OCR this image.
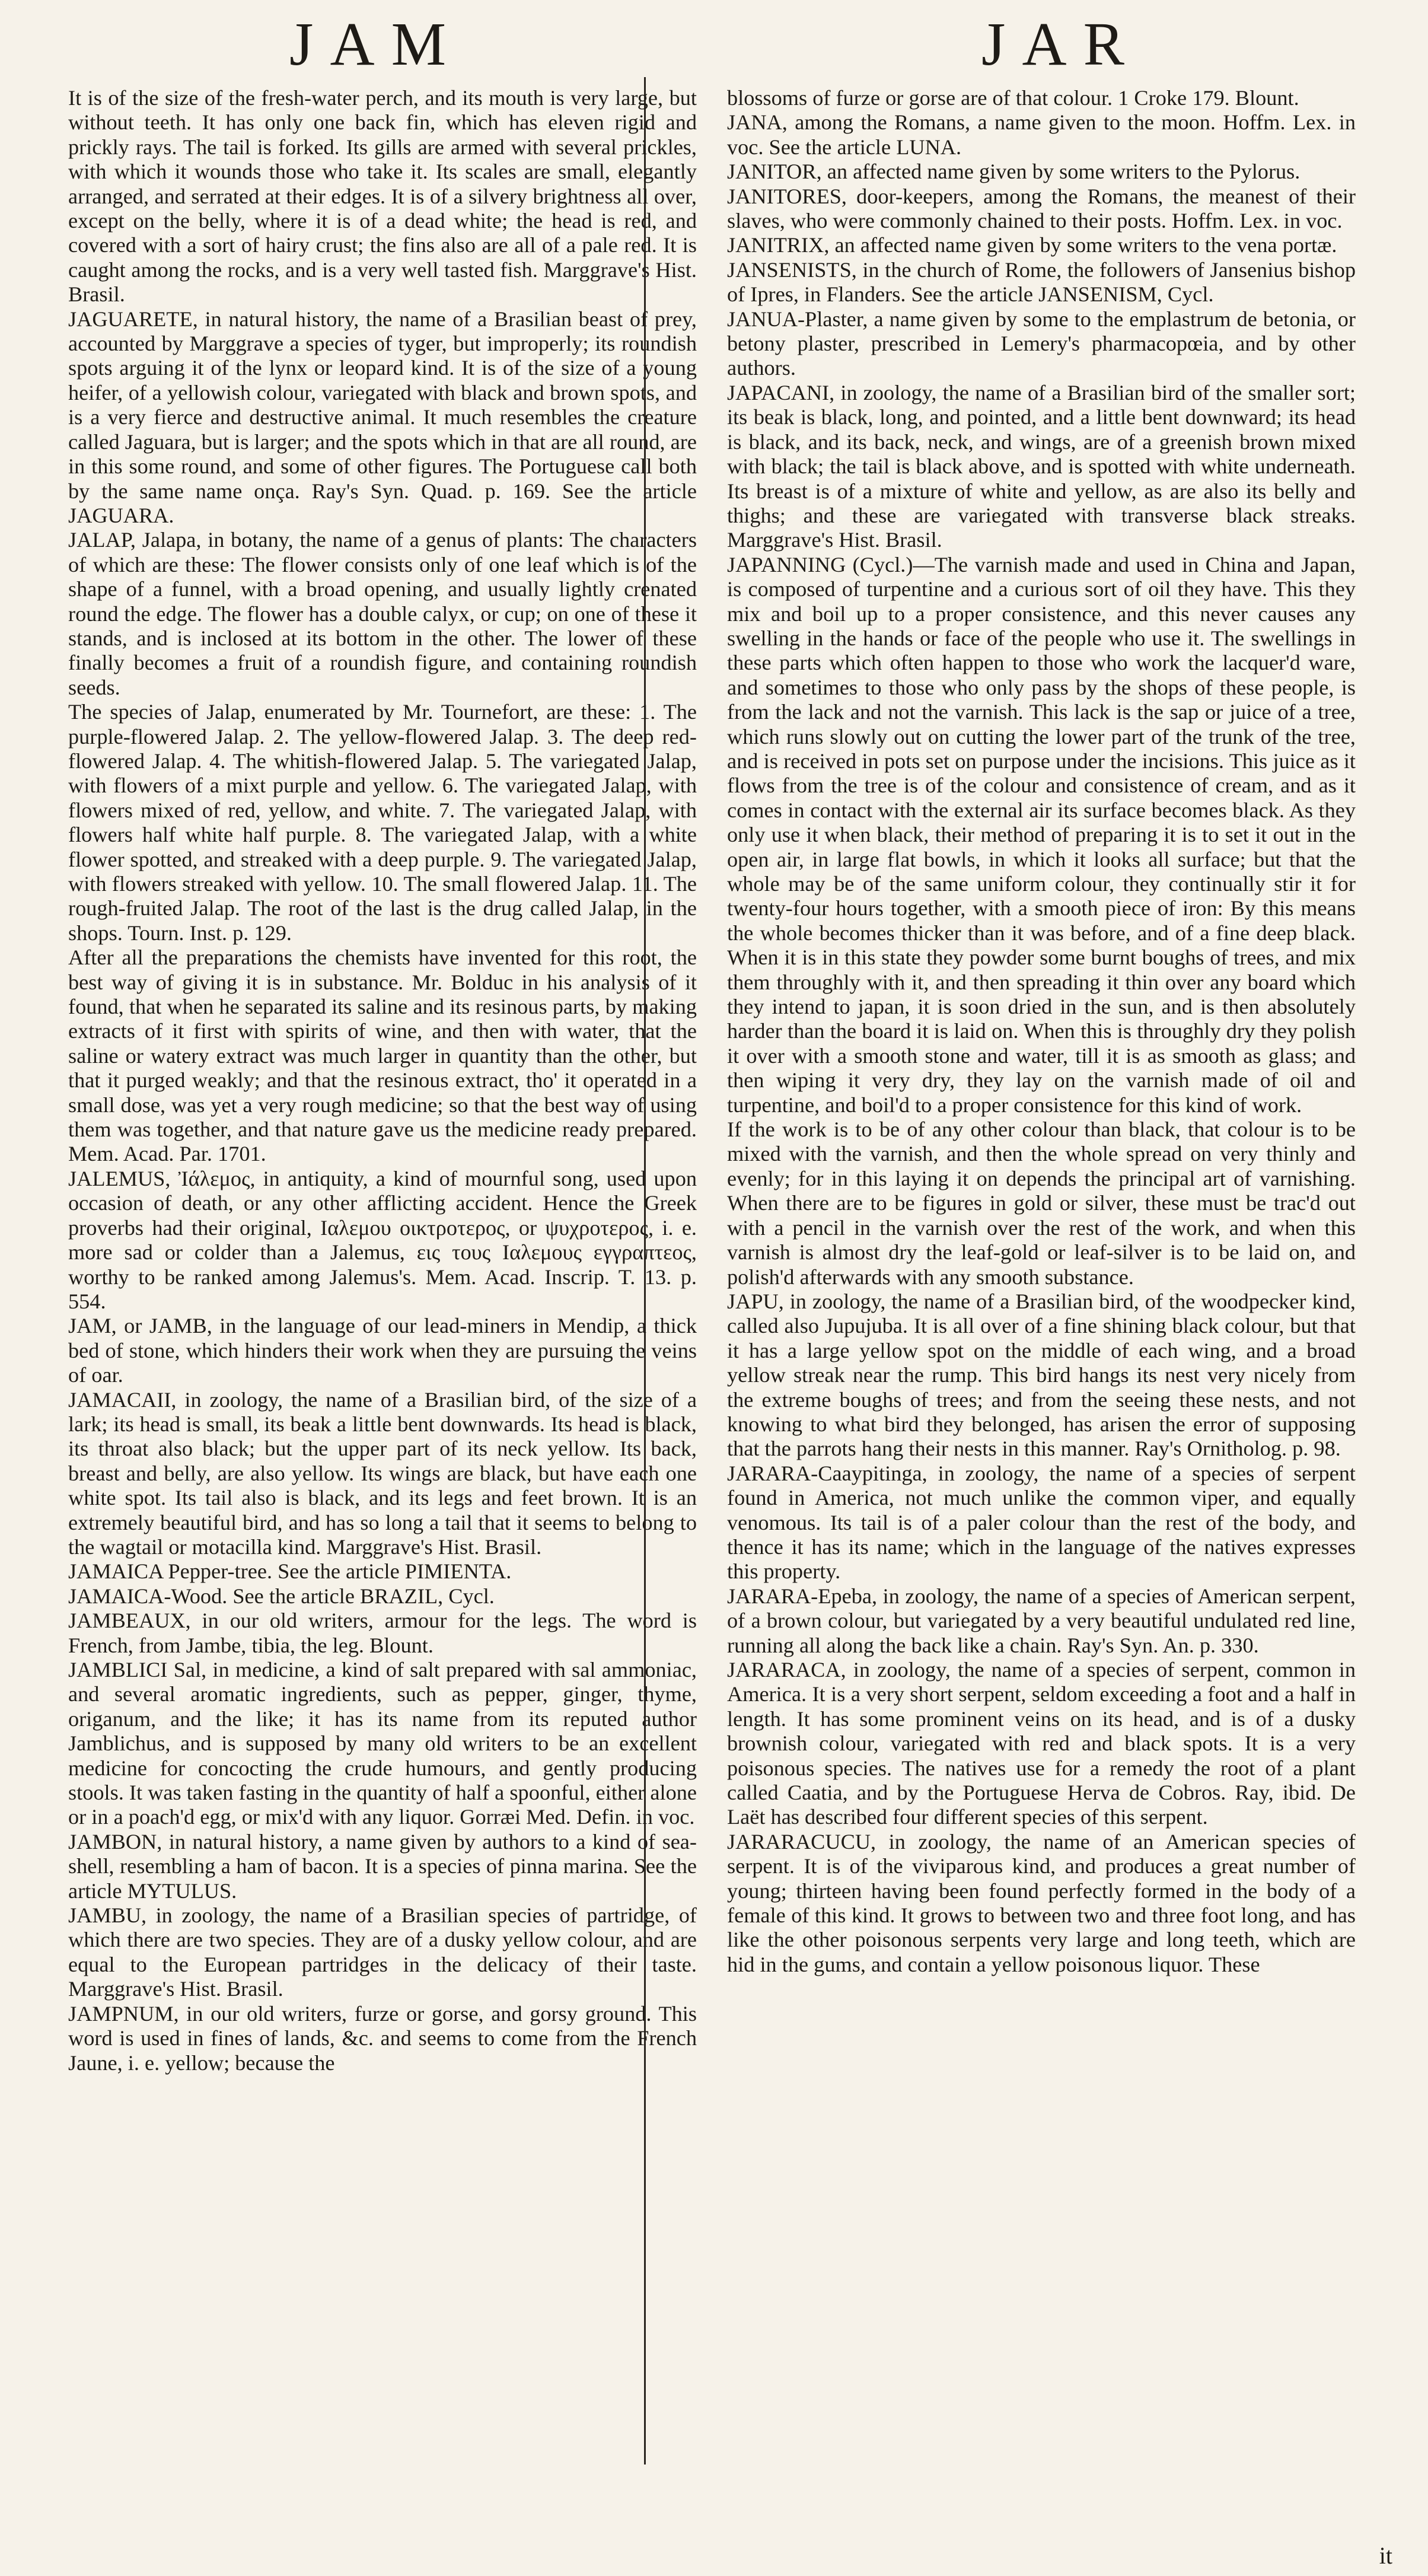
JAM	JAR

It is of the size of the fresh-water perch, and its mouth is very large, but without teeth. It has only one back fin, which has eleven rigid and prickly rays. The tail is forked. Its gills are armed with several prickles, with which it wounds those who take it. Its scales are small, elegantly arranged, and serrated at their edges. It is of a silvery brightness all over, except on the belly, where it is of a dead white; the head is red, and covered with a sort of hairy crust; the fins also are all of a pale red. It is caught among the rocks, and is a very well tasted fish. Marggrave's Hist. Brasil.

JAGUARETE, in natural history, the name of a Brasilian beast of prey, accounted by Marggrave a species of tyger, but improperly; its roundish spots arguing it of the lynx or leopard kind. It is of the size of a young heifer, of a yellowish colour, variegated with black and brown spots, and is a very fierce and destructive animal. It much resembles the creature called Jaguara, but is larger; and the spots which in that are all round, are in this some round, and some of other figures. The Portuguese call both by the same name onça. Ray's Syn. Quad. p. 169. See the article JAGUARA.

JALAP, Jalapa, in botany, the name of a genus of plants: The characters of which are these: The flower consists only of one leaf which is of the shape of a funnel, with a broad opening, and usually lightly crenated round the edge. The flower has a double calyx, or cup; on one of these it stands, and is inclosed at its bottom in the other. The lower of these finally becomes a fruit of a roundish figure, and containing roundish seeds.

The species of Jalap, enumerated by Mr. Tournefort, are these: 1. The purple-flowered Jalap. 2. The yellow-flowered Jalap. 3. The deep red-flowered Jalap. 4. The whitish-flowered Jalap. 5. The variegated Jalap, with flowers of a mixt purple and yellow. 6. The variegated Jalap, with flowers mixed of red, yellow, and white. 7. The variegated Jalap, with flowers half white half purple. 8. The variegated Jalap, with a white flower spotted, and streaked with a deep purple. 9. The variegated Jalap, with flowers streaked with yellow. 10. The small flowered Jalap. 11. The rough-fruited Jalap. The root of the last is the drug called Jalap, in the shops. Tourn. Inst. p. 129.

After all the preparations the chemists have invented for this root, the best way of giving it is in substance. Mr. Bolduc in his analysis of it found, that when he separated its saline and its resinous parts, by making extracts of it first with spirits of wine, and then with water, that the saline or watery extract was much larger in quantity than the other, but that it purged weakly; and that the resinous extract, tho' it operated in a small dose, was yet a very rough medicine; so that the best way of using them was together, and that nature gave us the medicine ready prepared. Mem. Acad. Par. 1701.

JALEMUS, Ἰάλεμος, in antiquity, a kind of mournful song, used upon occasion of death, or any other afflicting accident. Hence the Greek proverbs had their original, Ιαλεμου οικτροτερος, or ψυχροτερος, i. e. more sad or colder than a Jalemus, εις τους Ιαλεμους εγγραπτεος, worthy to be ranked among Jalemus's. Mem. Acad. Inscrip. T. 13. p. 554.

JAM, or JAMB, in the language of our lead-miners in Mendip, a thick bed of stone, which hinders their work when they are pursuing the veins of oar.

JAMACAII, in zoology, the name of a Brasilian bird, of the size of a lark; its head is small, its beak a little bent downwards. Its head is black, its throat also black; but the upper part of its neck yellow. Its back, breast and belly, are also yellow. Its wings are black, but have each one white spot. Its tail also is black, and its legs and feet brown. It is an extremely beautiful bird, and has so long a tail that it seems to belong to the wagtail or motacilla kind. Marggrave's Hist. Brasil.

JAMAICA Pepper-tree. See the article PIMIENTA.

JAMAICA-Wood. See the article BRAZIL, Cycl.

JAMBEAUX, in our old writers, armour for the legs. The word is French, from Jambe, tibia, the leg. Blount.

JAMBLICI Sal, in medicine, a kind of salt prepared with sal ammoniac, and several aromatic ingredients, such as pepper, ginger, thyme, origanum, and the like; it has its name from its reputed author Jamblichus, and is supposed by many old writers to be an excellent medicine for concocting the crude humours, and gently producing stools. It was taken fasting in the quantity of half a spoonful, either alone or in a poach'd egg, or mix'd with any liquor. Gorræi Med. Defin. in voc.

JAMBON, in natural history, a name given by authors to a kind of sea-shell, resembling a ham of bacon. It is a species of pinna marina. See the article MYTULUS.

JAMBU, in zoology, the name of a Brasilian species of partridge, of which there are two species. They are of a dusky yellow colour, and are equal to the European partridges in the delicacy of their taste. Marggrave's Hist. Brasil.

JAMPNUM, in our old writers, furze or gorse, and gorsy ground. This word is used in fines of lands, &c. and seems to come from the French Jaune, i. e. yellow; because the

blossoms of furze or gorse are of that colour. 1 Croke 179. Blount.

JANA, among the Romans, a name given to the moon. Hoffm. Lex. in voc. See the article LUNA.

JANITOR, an affected name given by some writers to the Pylorus.

JANITORES, door-keepers, among the Romans, the meanest of their slaves, who were commonly chained to their posts. Hoffm. Lex. in voc.

JANITRIX, an affected name given by some writers to the vena portæ.

JANSENISTS, in the church of Rome, the followers of Jansenius bishop of Ipres, in Flanders. See the article JANSENISM, Cycl.

JANUA-Plaster, a name given by some to the emplastrum de betonia, or betony plaster, prescribed in Lemery's pharmacopœia, and by other authors.

JAPACANI, in zoology, the name of a Brasilian bird of the smaller sort; its beak is black, long, and pointed, and a little bent downward; its head is black, and its back, neck, and wings, are of a greenish brown mixed with black; the tail is black above, and is spotted with white underneath. Its breast is of a mixture of white and yellow, as are also its belly and thighs; and these are variegated with transverse black streaks. Marggrave's Hist. Brasil.

JAPANNING (Cycl.)—The varnish made and used in China and Japan, is composed of turpentine and a curious sort of oil they have. This they mix and boil up to a proper consistence, and this never causes any swelling in the hands or face of the people who use it. The swellings in these parts which often happen to those who work the lacquer'd ware, and sometimes to those who only pass by the shops of these people, is from the lack and not the varnish. This lack is the sap or juice of a tree, which runs slowly out on cutting the lower part of the trunk of the tree, and is received in pots set on purpose under the incisions. This juice as it flows from the tree is of the colour and consistence of cream, and as it comes in contact with the external air its surface becomes black. As they only use it when black, their method of preparing it is to set it out in the open air, in large flat bowls, in which it looks all surface; but that the whole may be of the same uniform colour, they continually stir it for twenty-four hours together, with a smooth piece of iron: By this means the whole becomes thicker than it was before, and of a fine deep black. When it is in this state they powder some burnt boughs of trees, and mix them throughly with it, and then spreading it thin over any board which they intend to japan, it is soon dried in the sun, and is then absolutely harder than the board it is laid on. When this is throughly dry they polish it over with a smooth stone and water, till it is as smooth as glass; and then wiping it very dry, they lay on the varnish made of oil and turpentine, and boil'd to a proper consistence for this kind of work.

If the work is to be of any other colour than black, that colour is to be mixed with the varnish, and then the whole spread on very thinly and evenly; for in this laying it on depends the principal art of varnishing. When there are to be figures in gold or silver, these must be trac'd out with a pencil in the varnish over the rest of the work, and when this varnish is almost dry the leaf-gold or leaf-silver is to be laid on, and polish'd afterwards with any smooth substance.

JAPU, in zoology, the name of a Brasilian bird, of the woodpecker kind, called also Jupujuba. It is all over of a fine shining black colour, but that it has a large yellow spot on the middle of each wing, and a broad yellow streak near the rump. This bird hangs its nest very nicely from the extreme boughs of trees; and from the seeing these nests, and not knowing to what bird they belonged, has arisen the error of supposing that the parrots hang their nests in this manner. Ray's Ornitholog. p. 98.

JARARA-Caaypitinga, in zoology, the name of a species of serpent found in America, not much unlike the common viper, and equally venomous. Its tail is of a paler colour than the rest of the body, and thence it has its name; which in the language of the natives expresses this property.

JARARA-Epeba, in zoology, the name of a species of American serpent, of a brown colour, but variegated by a very beautiful undulated red line, running all along the back like a chain. Ray's Syn. An. p. 330.

JARARACA, in zoology, the name of a species of serpent, common in America. It is a very short serpent, seldom exceeding a foot and a half in length. It has some prominent veins on its head, and is of a dusky brownish colour, variegated with red and black spots. It is a very poisonous species. The natives use for a remedy the root of a plant called Caatia, and by the Portuguese Herva de Cobros. Ray, ibid. De Laët has described four different species of this serpent.

JARARACUCU, in zoology, the name of an American species of serpent. It is of the viviparous kind, and produces a great number of young; thirteen having been found perfectly formed in the body of a female of this kind. It grows to between two and three foot long, and has like the other poisonous serpents very large and long teeth, which are hid in the gums, and contain a yellow poisonous liquor. These

it
